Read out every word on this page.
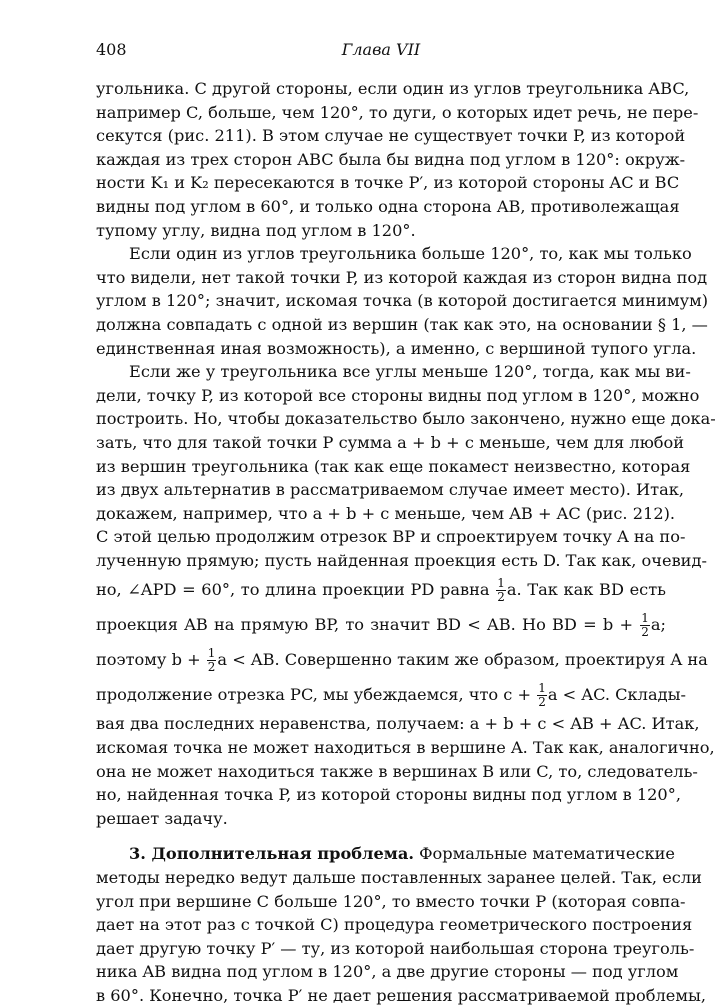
408	Глава VII
угольника. С другой стороны, если один из углов треугольника ABC,
например C, больше, чем 120°, то дуги, о которых идет речь, не пере-
секутся (рис. 211). В этом случае не существует точки P, из которой
каждая из трех сторон ABC была бы видна под углом в 120°: окруж-
ности K₁ и K₂ пересекаются в точке P′, из которой стороны AC и BC
видны под углом в 60°, и только одна сторона AB, противолежащая
тупому углу, видна под углом в 120°.
Если один из углов треугольника больше 120°, то, как мы только
что видели, нет такой точки P, из которой каждая из сторон видна под
углом в 120°; значит, искомая точка (в которой достигается минимум)
должна совпадать с одной из вершин (так как это, на основании § 1, —
единственная иная возможность), а именно, с вершиной тупого угла.
Если же у треугольника все углы меньше 120°, тогда, как мы ви-
дели, точку P, из которой все стороны видны под углом в 120°, можно
построить. Но, чтобы доказательство было закончено, нужно еще дока-
зать, что для такой точки P сумма a + b + c меньше, чем для любой
из вершин треугольника (так как еще покамест неизвестно, которая
из двух альтернатив в рассматриваемом случае имеет место). Итак,
докажем, например, что a + b + c меньше, чем AB + AC (рис. 212).
С этой целью продолжим отрезок BP и спроектируем точку A на по-
лученную прямую; пусть найденная проекция есть D. Так как, очевид-
но, ∠APD = 60°, то длина проекции PD равна $\frac{1}{2} a$. Так как BD есть
проекция AB на прямую BP, то значит BD < AB. Но BD = $b + \frac{1}{2} a$;
поэтому $b + \frac{1}{2}$ a < AB. Совершенно таким же образом, проектируя A на
продолжение отрезка PC, мы убеждаемся, что $c + \frac{1}{2}$ a < AC. Склады-
вая два последних неравенства, получаем: a + b + c < AB + AC. Итак,
искомая точка не может находиться в вершине A. Так как, аналогично,
она не может находиться также в вершинах B или C, то, следователь-
но, найденная точка P, из которой стороны видны под углом в 120°,
решает задачу.
3. Дополнительная проблема. Формальные математические
методы нередко ведут дальше поставленных заранее целей. Так, если
угол при вершине C больше 120°, то вместо точки P (которая совпа-
дает на этот раз с точкой C) процедура геометрического построения
дает другую точку P′ — ту, из которой наибольшая сторона треуголь-
ника AB видна под углом в 120°, а две другие стороны — под углом
в 60°. Конечно, точка P′ не дает решения рассматриваемой проблемы,
